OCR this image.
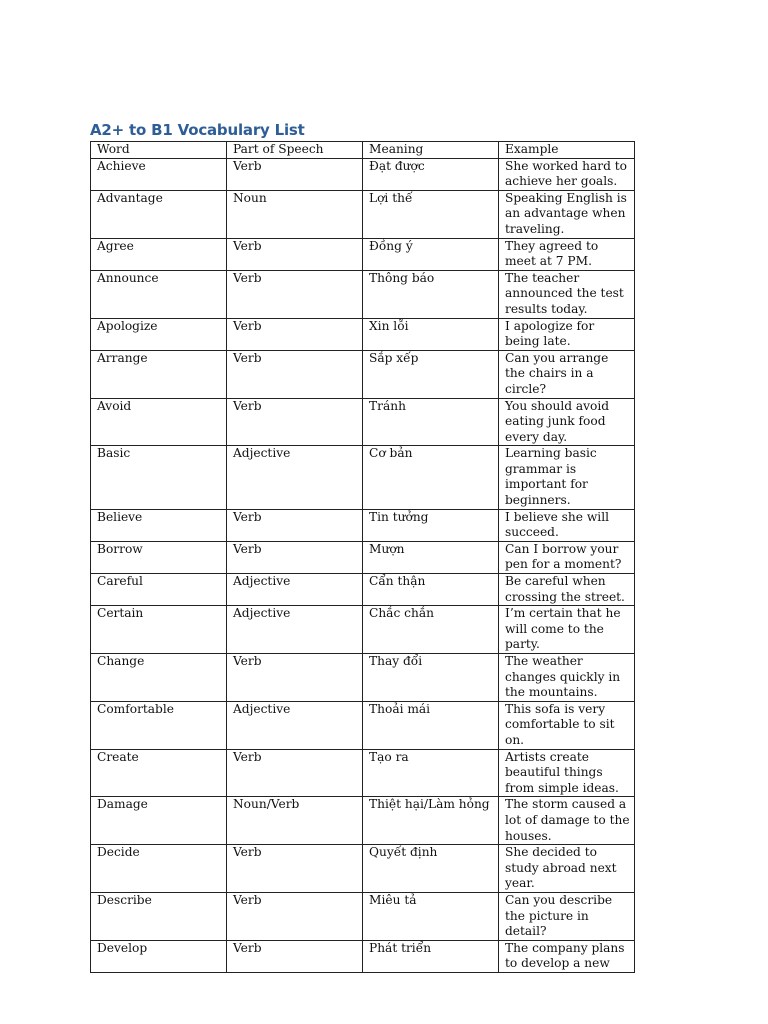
A2+ to B1 Vocabulary List
Word	Part of Speech	Meaning	Example
Achieve	Verb	Đạt được	She worked hard to achieve her goals.
Advantage	Noun	Lợi thế	Speaking English is an advantage when traveling.
Agree	Verb	Đồng ý	They agreed to meet at 7 PM.
Announce	Verb	Thông báo	The teacher announced the test results today.
Apologize	Verb	Xin lỗi	I apologize for being late.
Arrange	Verb	Sắp xếp	Can you arrange the chairs in a circle?
Avoid	Verb	Tránh	You should avoid eating junk food every day.
Basic	Adjective	Cơ bản	Learning basic grammar is important for beginners.
Believe	Verb	Tin tưởng	I believe she will succeed.
Borrow	Verb	Mượn	Can I borrow your pen for a moment?
Careful	Adjective	Cẩn thận	Be careful when crossing the street.
Certain	Adjective	Chắc chắn	I’m certain that he will come to the party.
Change	Verb	Thay đổi	The weather changes quickly in the mountains.
Comfortable	Adjective	Thoải mái	This sofa is very comfortable to sit on.
Create	Verb	Tạo ra	Artists create beautiful things from simple ideas.
Damage	Noun/Verb	Thiệt hại/Làm hỏng	The storm caused a lot of damage to the houses.
Decide	Verb	Quyết định	She decided to study abroad next year.
Describe	Verb	Miêu tả	Can you describe the picture in detail?
Develop	Verb	Phát triển	The company plans to develop a new
